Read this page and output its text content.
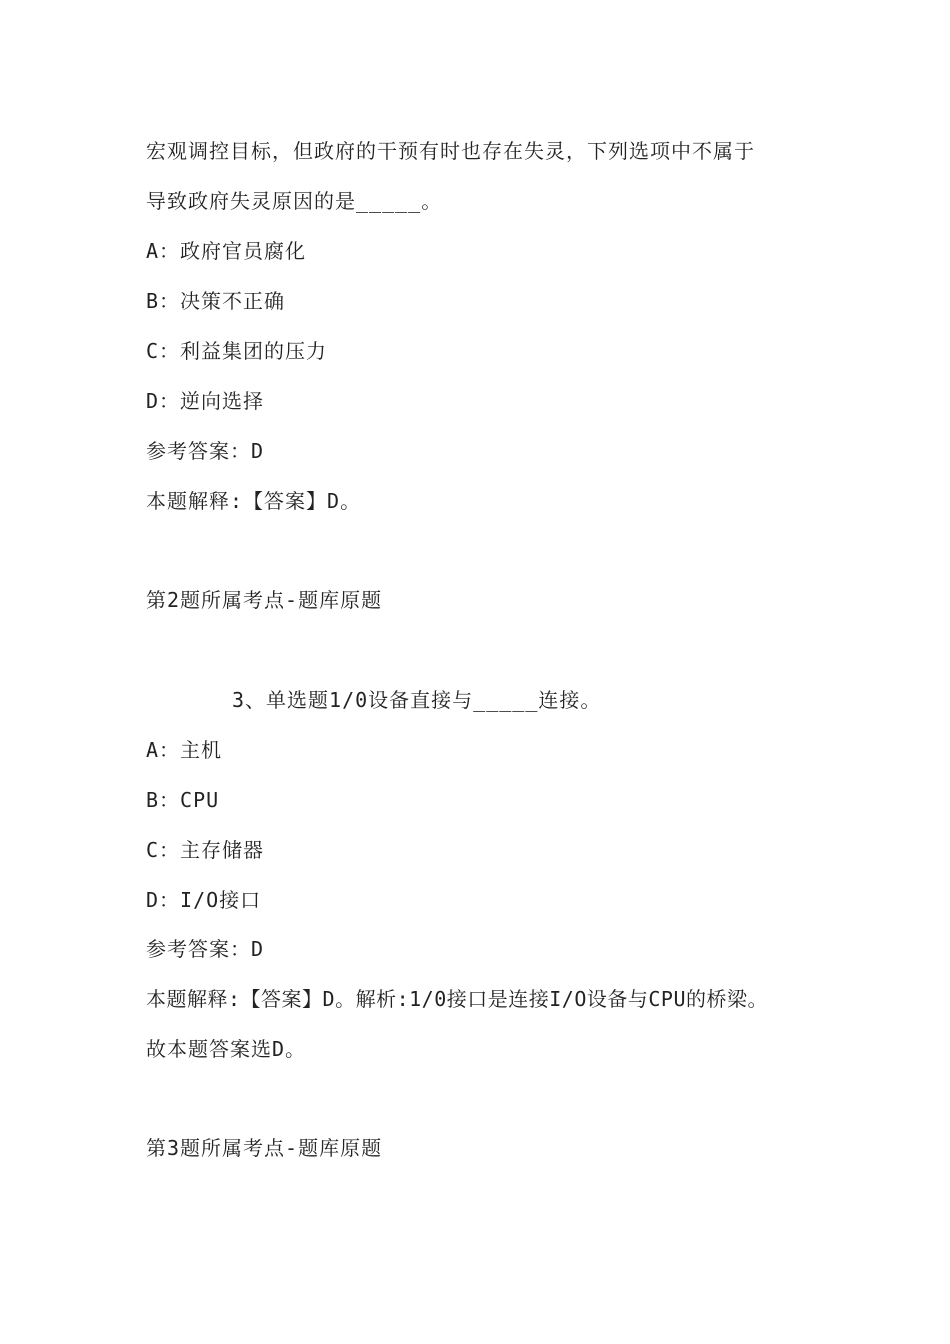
宏观调控目标，但政府的干预有时也存在失灵，下列选项中不属于

导致政府失灵原因的是_____。

A：政府官员腐化

B：决策不正确

C：利益集团的压力

D：逆向选择

参考答案：D

本题解释:【答案】D。

第2题所属考点-题库原题

3、单选题1/0设备直接与_____连接。

A：主机

B：CPU

C：主存储器

D：I/O接口

参考答案：D

本题解释:【答案】D。解析:1/0接口是连接I/O设备与CPU的桥梁。

故本题答案选D。

第3题所属考点-题库原题
